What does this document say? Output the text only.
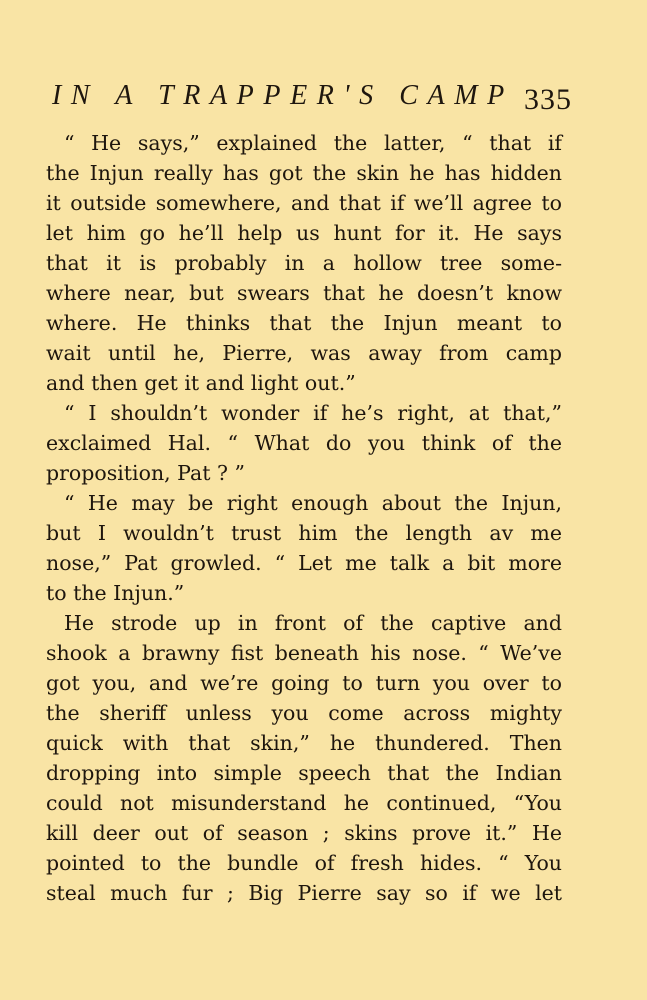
IN A TRAPPER'S CAMP 335
“ He says,” explained the latter, “ that if
the Injun really has got the skin he has hidden
it outside somewhere, and that if we’ll agree to
let him go he’ll help us hunt for it. He says
that it is probably in a hollow tree some-
where near, but swears that he doesn’t know
where. He thinks that the Injun meant to
wait until he, Pierre, was away from camp
and then get it and light out.”
“ I shouldn’t wonder if he’s right, at that,”
exclaimed Hal. “ What do you think of the
proposition, Pat ? ”
“ He may be right enough about the Injun,
but I wouldn’t trust him the length av me
nose,” Pat growled. “ Let me talk a bit more
to the Injun.”
He strode up in front of the captive and
shook a brawny fist beneath his nose. “ We’ve
got you, and we’re going to turn you over to
the sheriff unless you come across mighty
quick with that skin,” he thundered. Then
dropping into simple speech that the Indian
could not misunderstand he continued, “You
kill deer out of season ; skins prove it.” He
pointed to the bundle of fresh hides. “ You
steal much fur ; Big Pierre say so if we let
